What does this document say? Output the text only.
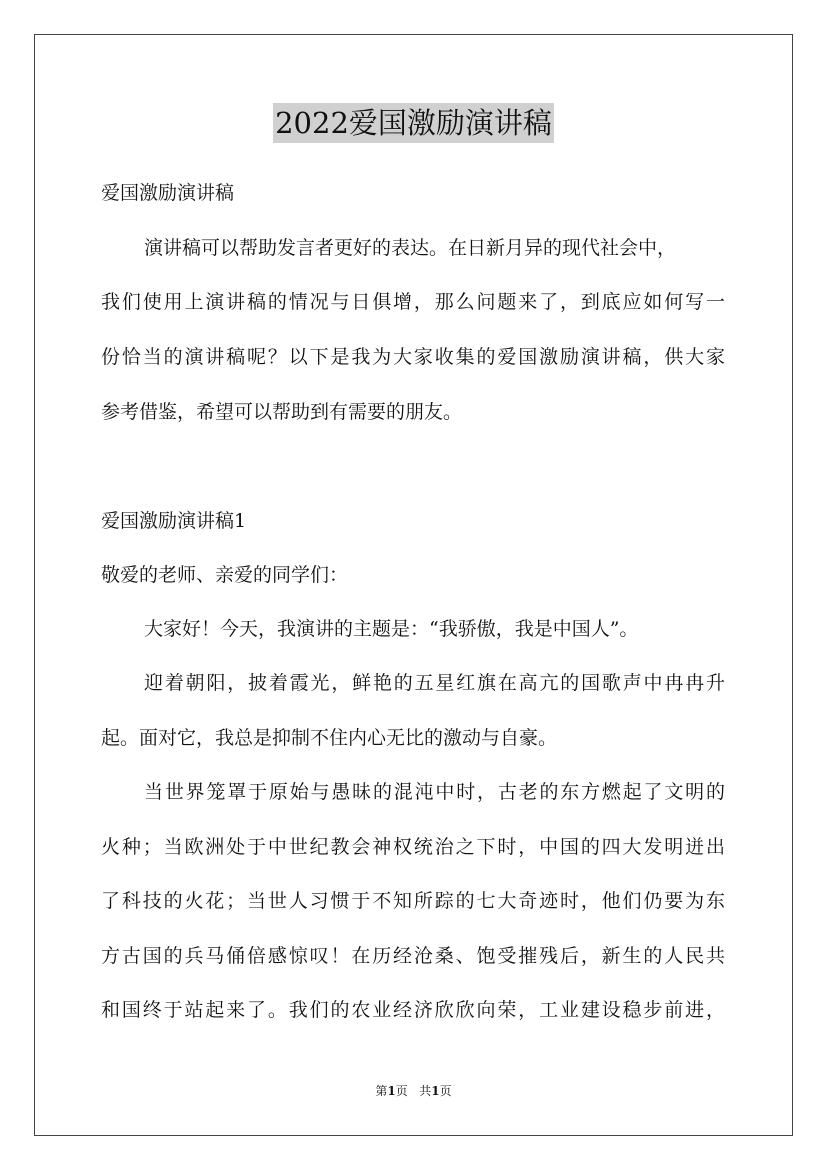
2022爱国激励演讲稿
爱国激励演讲稿
演讲稿可以帮助发言者更好的表达。在日新月异的现代社会中，
我们使用上演讲稿的情况与日俱增，那么问题来了，到底应如何写一
份恰当的演讲稿呢？以下是我为大家收集的爱国激励演讲稿，供大家
参考借鉴，希望可以帮助到有需要的朋友。
爱国激励演讲稿1
敬爱的老师、亲爱的同学们：
大家好！今天，我演讲的主题是：“我骄傲，我是中国人”。
迎着朝阳，披着霞光，鲜艳的五星红旗在高亢的国歌声中冉冉升
起。面对它，我总是抑制不住内心无比的激动与自豪。
当世界笼罩于原始与愚昧的混沌中时，古老的东方燃起了文明的
火种；当欧洲处于中世纪教会神权统治之下时，中国的四大发明迸出
了科技的火花；当世人习惯于不知所踪的七大奇迹时，他们仍要为东
方古国的兵马俑倍感惊叹！在历经沧桑、饱受摧残后，新生的人民共
和国终于站起来了。我们的农业经济欣欣向荣，工业建设稳步前进，
第1页 共1页
